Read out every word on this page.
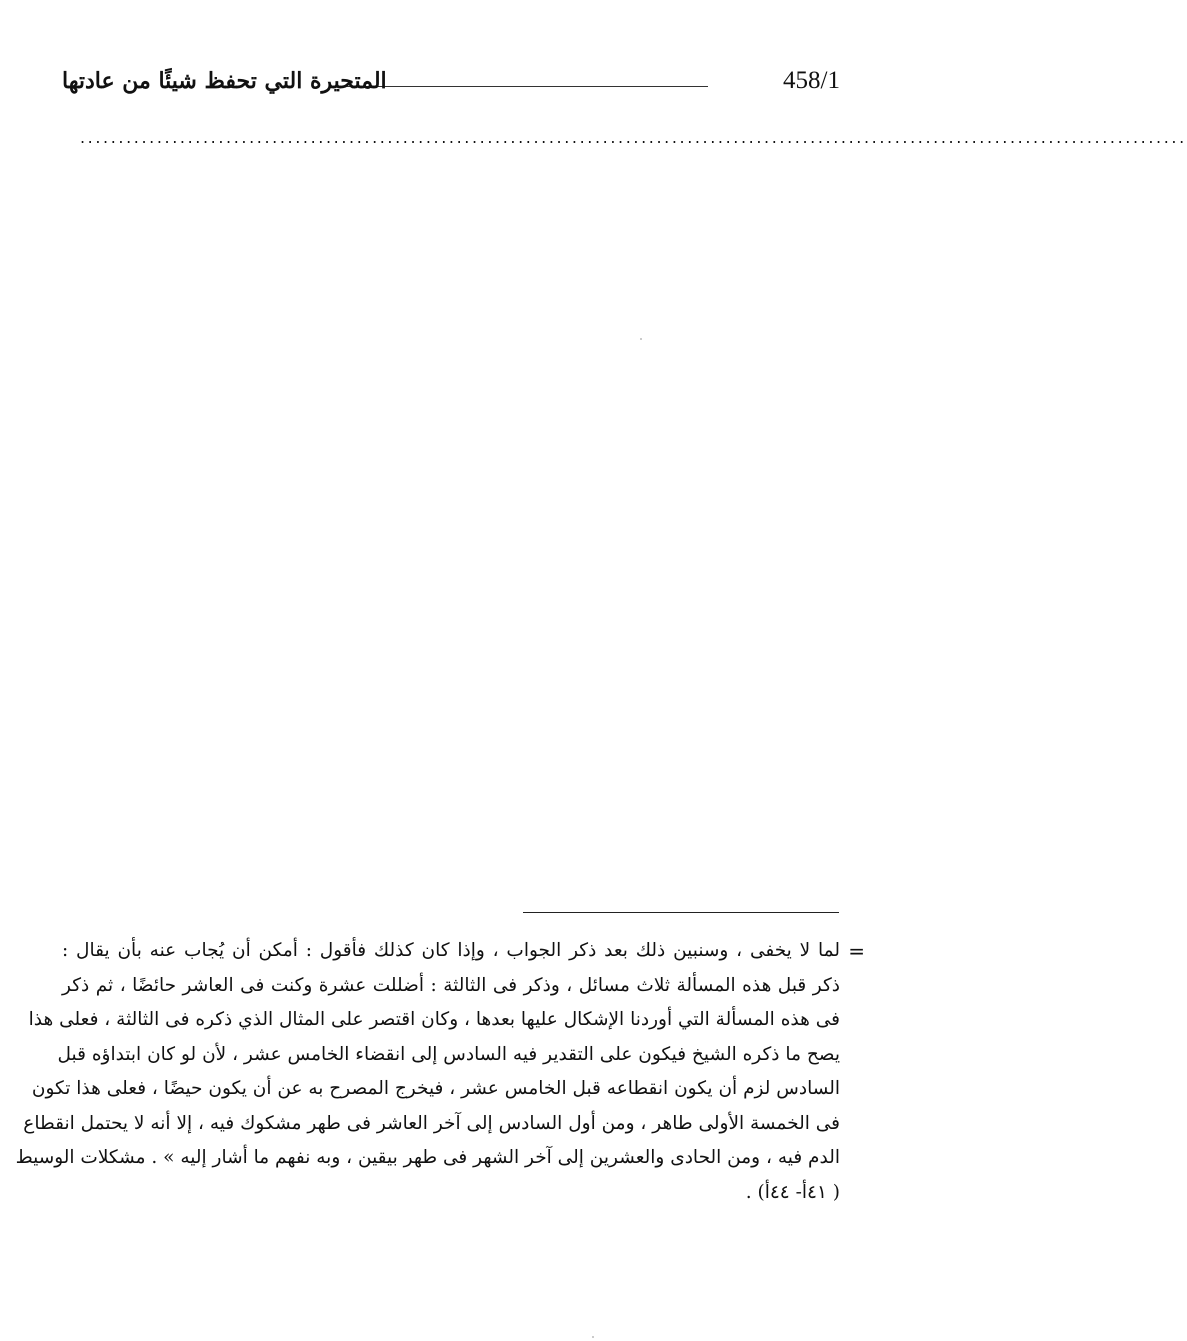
458/1
المتحيرة التي تحفظ شيئًا من عادتها
................................................................................................................................................
=
لما لا يخفى ، وسنبين ذلك بعد ذكر الجواب ، وإذا كان كذلك فأقول : أمكن أن يُجاب عنه بأن يقال :
ذكر قبل هذه المسألة ثلاث مسائل ، وذكر فى الثالثة : أضللت عشرة وكنت فى العاشر حائضًا ، ثم ذكر
فى هذه المسألة التي أوردنا الإشكال عليها بعدها ، وكان اقتصر على المثال الذي ذكره فى الثالثة ، فعلى هذا
يصح ما ذكره الشيخ فيكون على التقدير فيه السادس إلى انقضاء الخامس عشر ، لأن لو كان ابتداؤه قبل
السادس لزم أن يكون انقطاعه قبل الخامس عشر ، فيخرج المصرح به عن أن يكون حيضًا ، فعلى هذا تكون
فى الخمسة الأولى طاهر ، ومن أول السادس إلى آخر العاشر فى طهر مشكوك فيه ، إلا أنه لا يحتمل انقطاع
الدم فيه ، ومن الحادى والعشرين إلى آخر الشهر فى طهر بيقين ، وبه نفهم ما أشار إليه » . مشكلات الوسيط
( ٤١أ- ٤٤أ) .
